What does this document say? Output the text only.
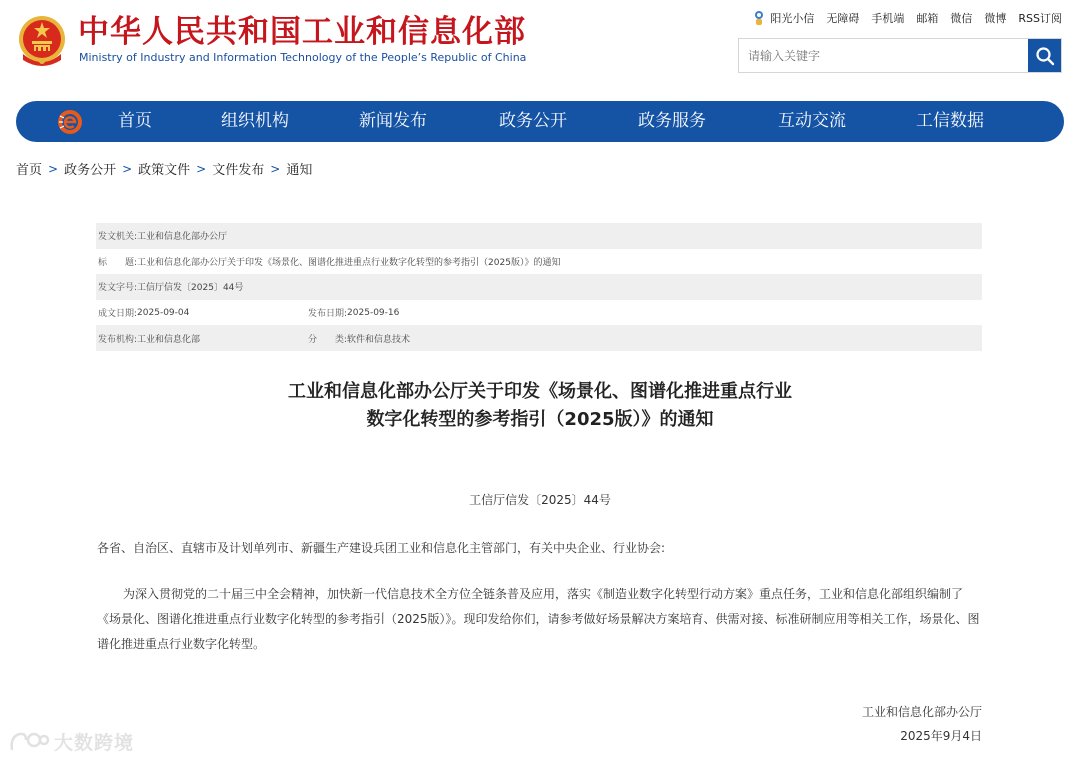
中华人民共和国工业和信息化部
Ministry of Industry and Information Technology of the People’s Republic of China
阳光小信 无障碍 手机端 邮箱 微信 微博 RSS订阅
请输入关键字
首页	组织机构	新闻发布	政务公开	政务服务	互动交流	工信数据
首页 > 政务公开 > 政策文件 > 文件发布 > 通知
发文机关: 工业和信息化部办公厅
标　　题: 工业和信息化部办公厅关于印发《场景化、图谱化推进重点行业数字化转型的参考指引（2025版）》的通知
发文字号: 工信厅信发〔2025〕44号
成文日期: 2025-09-04	发布日期: 2025-09-16
发布机构: 工业和信息化部	分　　类: 软件和信息技术
工业和信息化部办公厅关于印发《场景化、图谱化推进重点行业
数字化转型的参考指引（2025版）》的通知
工信厅信发〔2025〕44号
各省、自治区、直辖市及计划单列市、新疆生产建设兵团工业和信息化主管部门，有关中央企业、行业协会:
为深入贯彻党的二十届三中全会精神，加快新一代信息技术全方位全链条普及应用，落实《制造业数字化转型行动方案》重点任务，工业和信息化部组织编制了《场景化、图谱化推进重点行业数字化转型的参考指引（2025版）》。现印发给你们，请参考做好场景解决方案培育、供需对接、标准研制应用等相关工作，场景化、图谱化推进重点行业数字化转型。
工业和信息化部办公厅
2025年9月4日
大数跨境
